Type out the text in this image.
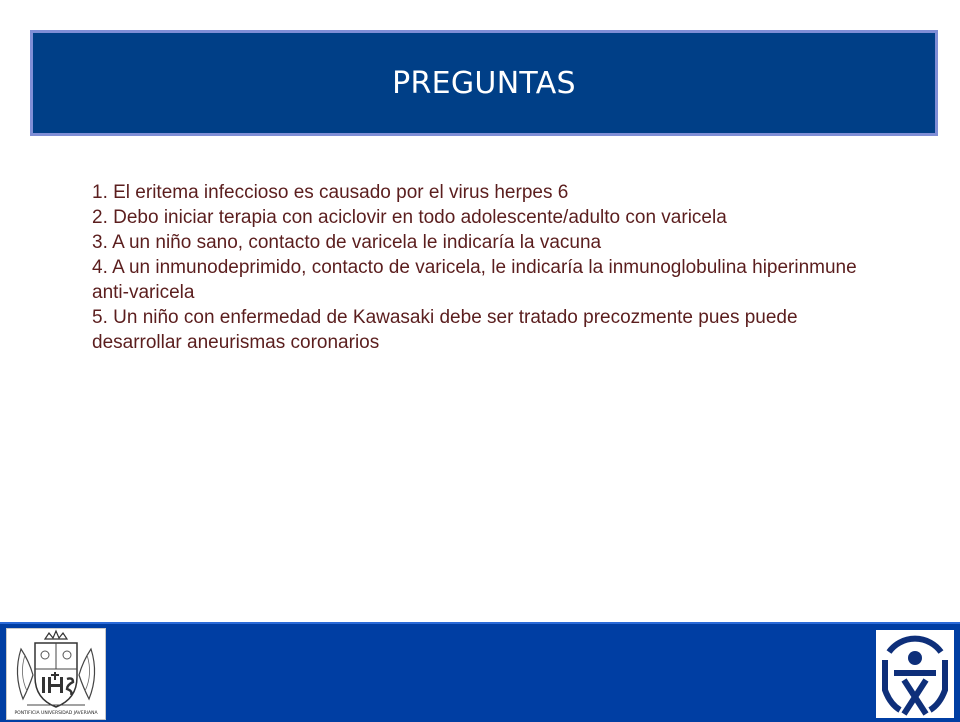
PREGUNTAS

1. El eritema infeccioso es causado por el virus herpes 6

2. Debo iniciar terapia con aciclovir en todo adolescente/adulto con varicela

3. A un niño sano, contacto de varicela le indicaría la vacuna

4. A un inmunodeprimido, contacto de varicela, le indicaría la inmunoglobulina hiperinmune anti-varicela

5. Un niño con enfermedad de Kawasaki debe ser tratado precozmente pues puede desarrollar aneurismas coronarios

PONTIFICIA UNIVERSIDAD JAVERIANA
